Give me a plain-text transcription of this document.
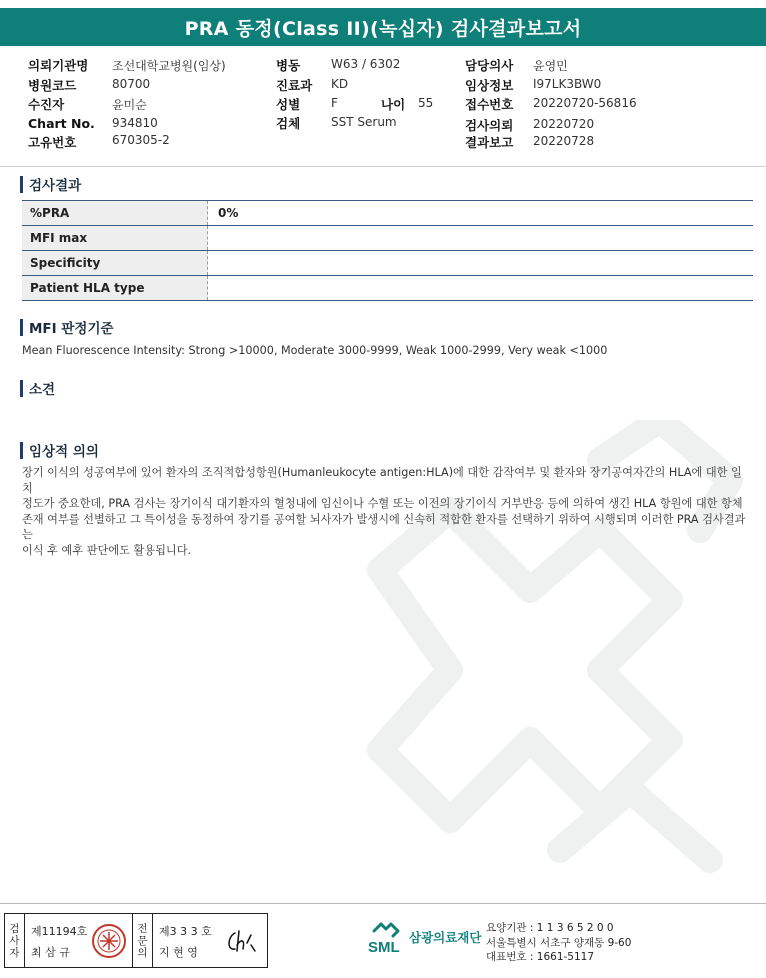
PRA 동정(Class II)(녹십자) 검사결과보고서
의뢰기관명 조선대학교병원(임상)
병원코드	80700
수진자	윤미순
Chart No. 934810
고유번호	670305-2
병동	W63 / 6302
진료과 KD
성별	F	나이 55
검체	SST Serum
담당의사 윤영민
임상정보 I97LK3BW0
접수번호 20220720-56816
검사의뢰 20220720
결과보고 20220728
검사결과
%PRA	0%
MFI max
Specificity
Patient HLA type
MFI 판정기준
Mean Fluorescence Intensity: Strong >10000, Moderate 3000-9999, Weak 1000-2999, Very weak <1000
소견
임상적 의의
장기 이식의 성공여부에 있어 환자의 조직적합성항원(Humanleukocyte antigen:HLA)에 대한 감작여부 및 환자와 장기공여자간의 HLA에 대한 일치
정도가 중요한데, PRA 검사는 장기이식 대기환자의 혈청내에 임신이나 수혈 또는 이전의 장기이식 거부반응 등에 의하여 생긴 HLA 항원에 대한 항체
존재 여부를 선별하고 그 특이성을 동정하여 장기를 공여할 뇌사자가 발생시에 신속히 적합한 환자를 선택하기 위하여 시행되며 이러한 PRA 검사결과는
이식 후 예후 판단에도 활용됩니다.
검
사
자
제11194호
최 삼 규
전
문
의
제3 3 3 호
지 현 영	SML
삼광의료재단
요양기관 : 1 1 3 6 5 2 0 0
서울특별시 서초구 양재동 9-60
대표번호 : 1661-5117
